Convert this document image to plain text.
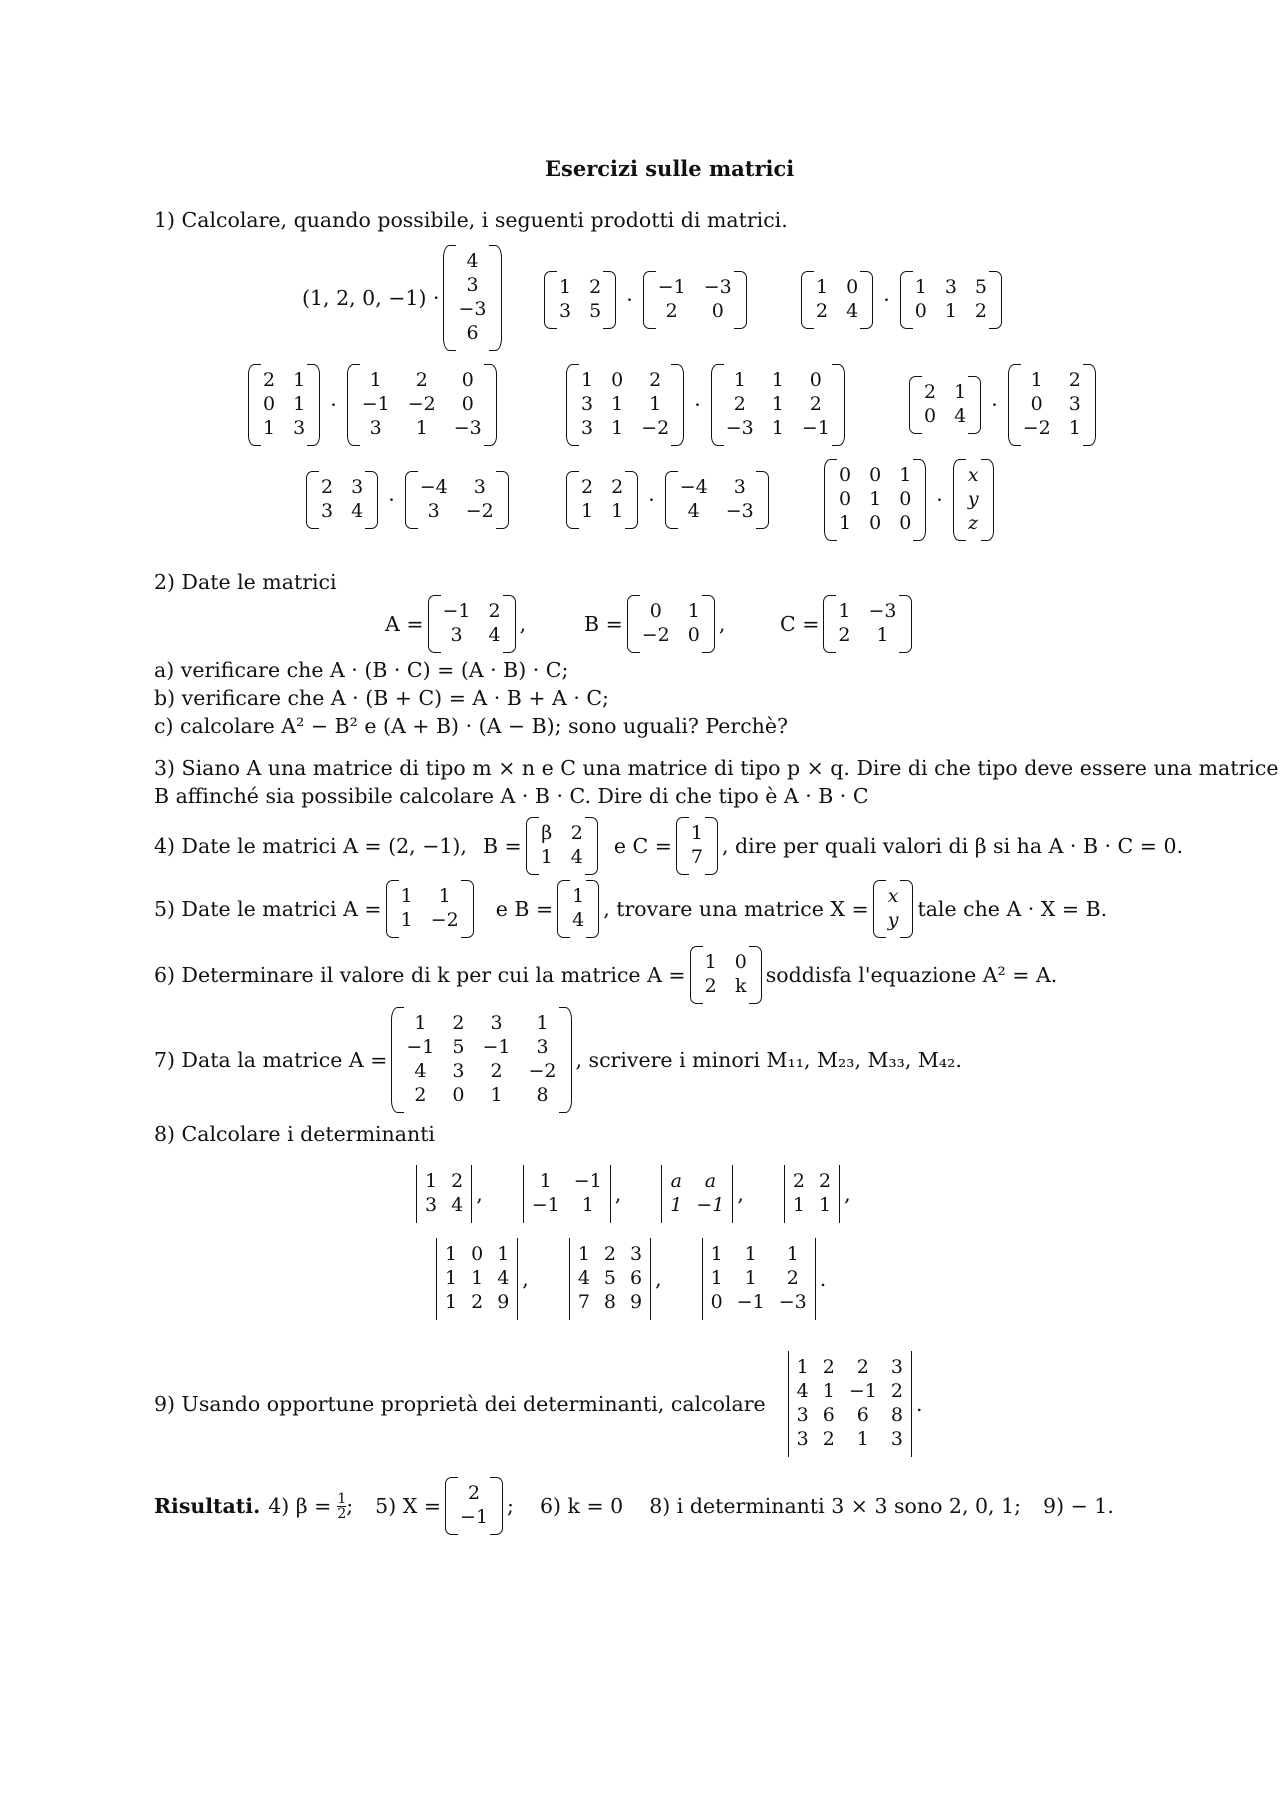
Esercizi sulle matrici
1) Calcolare, quando possibile, i seguenti prodotti di matrici.
(1, 2, 0, −1) ·
4
3
−3
6
1 2
3 5 ·
−1 −3
2	0
1 0
2 4 ·
1 3 5
0 1 2
2 1
0 1
1 3
·
1	2	0
−1 −2	0
3	1	−3
1 0	2
3 1	1
3 1 −2
·
1	1	0
2	1	2
−3 1 −1
2 1
0 4 ·
1	2
0	3
−2 1
2 3
3 4 ·
−4	3
3	−2
2 2
1 1 ·
−4	3
4	−3
0 0 1
0 1 0
1 0 0
·
x
y
z
2) Date le matrici
A =
−1 2
3	4 ,	B =
0	1
−2 0 ,	C =
1 −3
2	1
a) verificare che A · (B · C) = (A · B) · C;
b) verificare che A · (B + C) = A · B + A · C;
c) calcolare A² − B² e (A + B) · (A − B); sono uguali? Perchè?
3) Siano A una matrice di tipo m × n e C una matrice di tipo p × q. Dire di che tipo deve essere una matrice
B affinché sia possibile calcolare A · B · C. Dire di che tipo è A · B · C
4) Date le matrici A = (2, −1), B =
β 2
1 4 e C =
1
7 , dire per quali valori di β si ha A · B · C = 0.
5) Date le matrici A =
1	1
1 −2 e B =
1
4 , trovare una matrice X =
x
y tale che A · X = B.
6) Determinare il valore di k per cui la matrice A =
1 0
2 k soddisfa l'equazione A² = A.
7) Data la matrice A =
1	2	3	1
−1 5 −1	3
4	3	2	−2
2	0	1	8
, scrivere i minori M₁₁, M₂₃, M₃₃, M₄₂.
8) Calcolare i determinanti
1 2
3 4 ,
1	−1
−1	1	,
a	a
1 −1 ,
2 2
1 1 ,
1 0 1
1 1 4
1 2 9
,
1 2 3
4 5 6
7 8 9
,
1	1	1
1	1	2
0 −1 −3
.
9) Usando opportune proprietà dei determinanti, calcolare
1 2	2	3
4 1 −1 2
3 6	6	8
3 2	1	3
.
Risultati. 4) $\beta = \frac{1}{2}$ ; 5) X =
2
−1 ; 6) k = 0 8) i determinanti 3 × 3 sono 2, 0, 1; 9) − 1.
